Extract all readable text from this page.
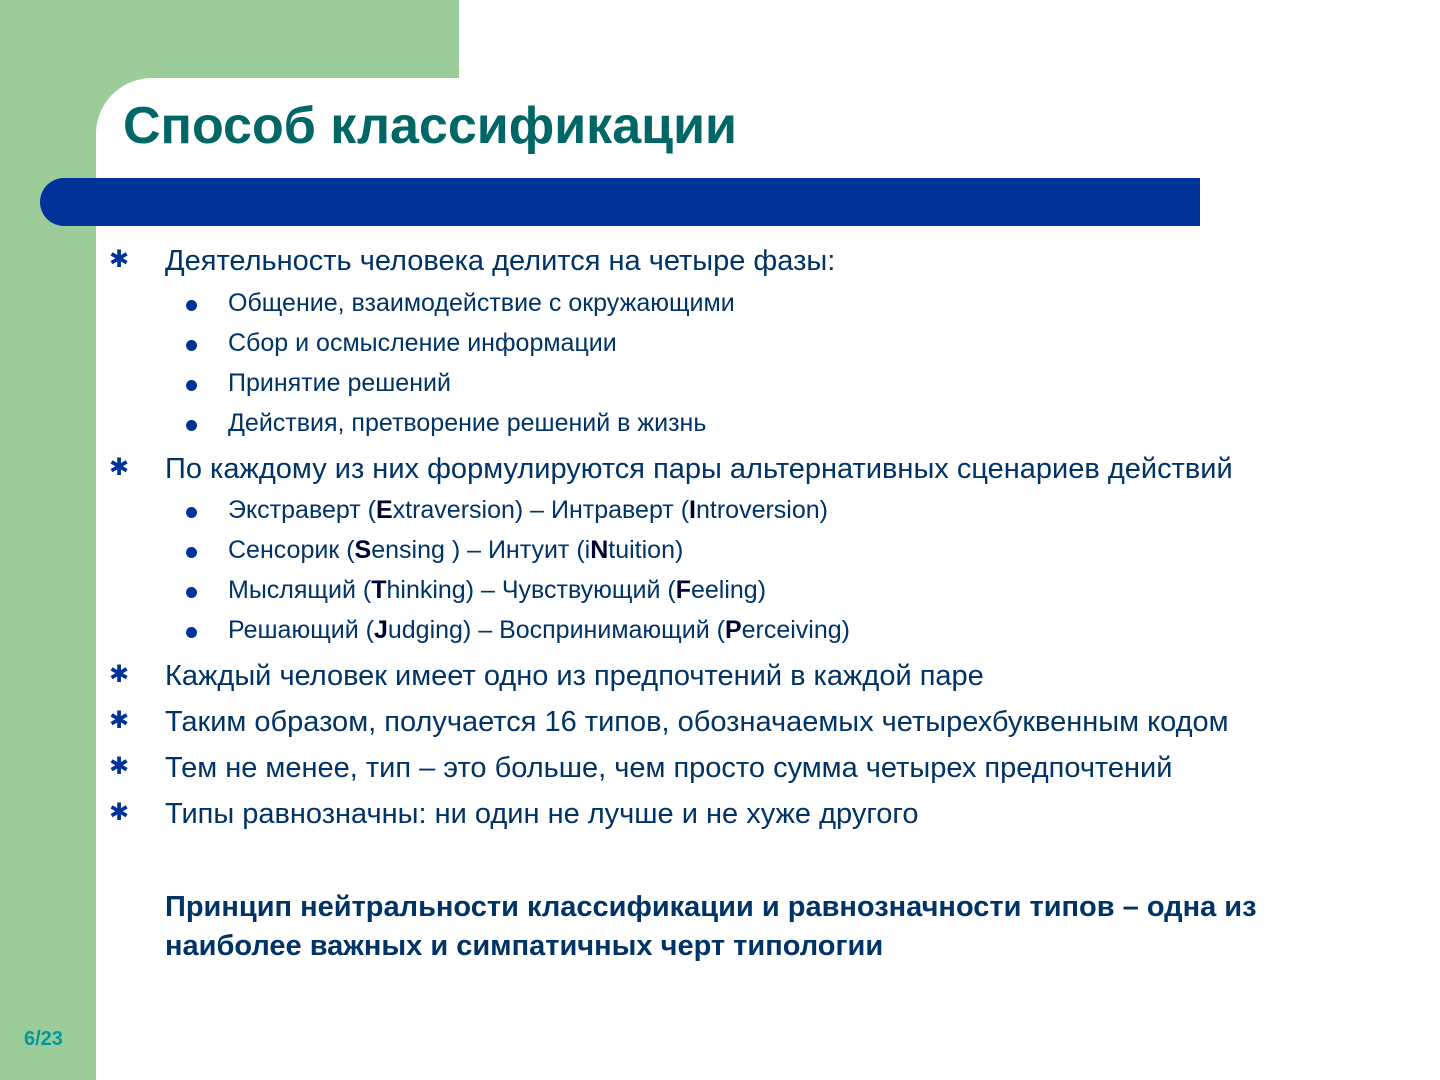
Способ классификации
✱ Деятельность человека делится на четыре фазы:
Общение, взаимодействие с окружающими
Сбор и осмысление информации
Принятие решений
Действия, претворение решений в жизнь
✱ По каждому из них формулируются пары альтернативных сценариев действий
Экстраверт (Extraversion) – Интраверт (Introversion)
Сенсорик (Sensing ) – Интуит (iNtuition)
Мыслящий (Thinking) – Чувствующий (Feeling)
Решающий (Judging) – Воспринимающий (Perceiving)
✱ Каждый человек имеет одно из предпочтений в каждой паре
✱ Таким образом, получается 16 типов, обозначаемых четырехбуквенным кодом
✱ Тем не менее, тип – это больше, чем просто сумма четырех предпочтений
✱ Типы равнозначны: ни один не лучше и не хуже другого

Принцип нейтральности классификации и равнозначности типов – одна из наиболее важных и симпатичных черт типологии

6/23
